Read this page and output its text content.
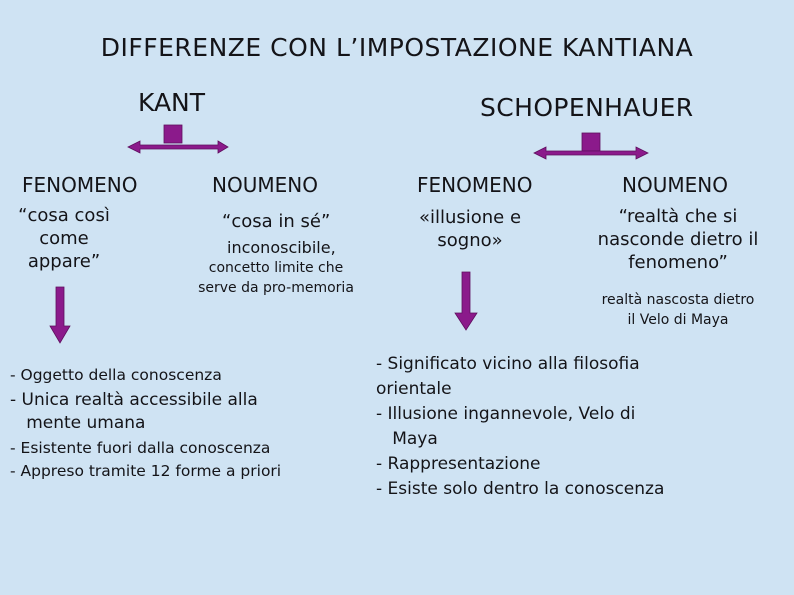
DIFFERENZE CON L’IMPOSTAZIONE KANTIANA
KANT	SCHOPENHAUER
FENOMENO
“cosa così
come
appare”
NOUMENO
“cosa in sé”
inconoscibile,
concetto limite che
serve da pro-memoria
FENOMENO
«illusione e
sogno»
NOUMENO
“realtà che si
nasconde dietro il
fenomeno”
realtà nascosta dietro
il Velo di Maya
- Oggetto della conoscenza
- Unica realtà accessibile alla
mente umana
- Esistente fuori dalla conoscenza
- Appreso tramite 12 forme a priori
- Significato vicino alla filosofia
orientale
- Illusione ingannevole, Velo di
Maya
- Rappresentazione
- Esiste solo dentro la conoscenza
